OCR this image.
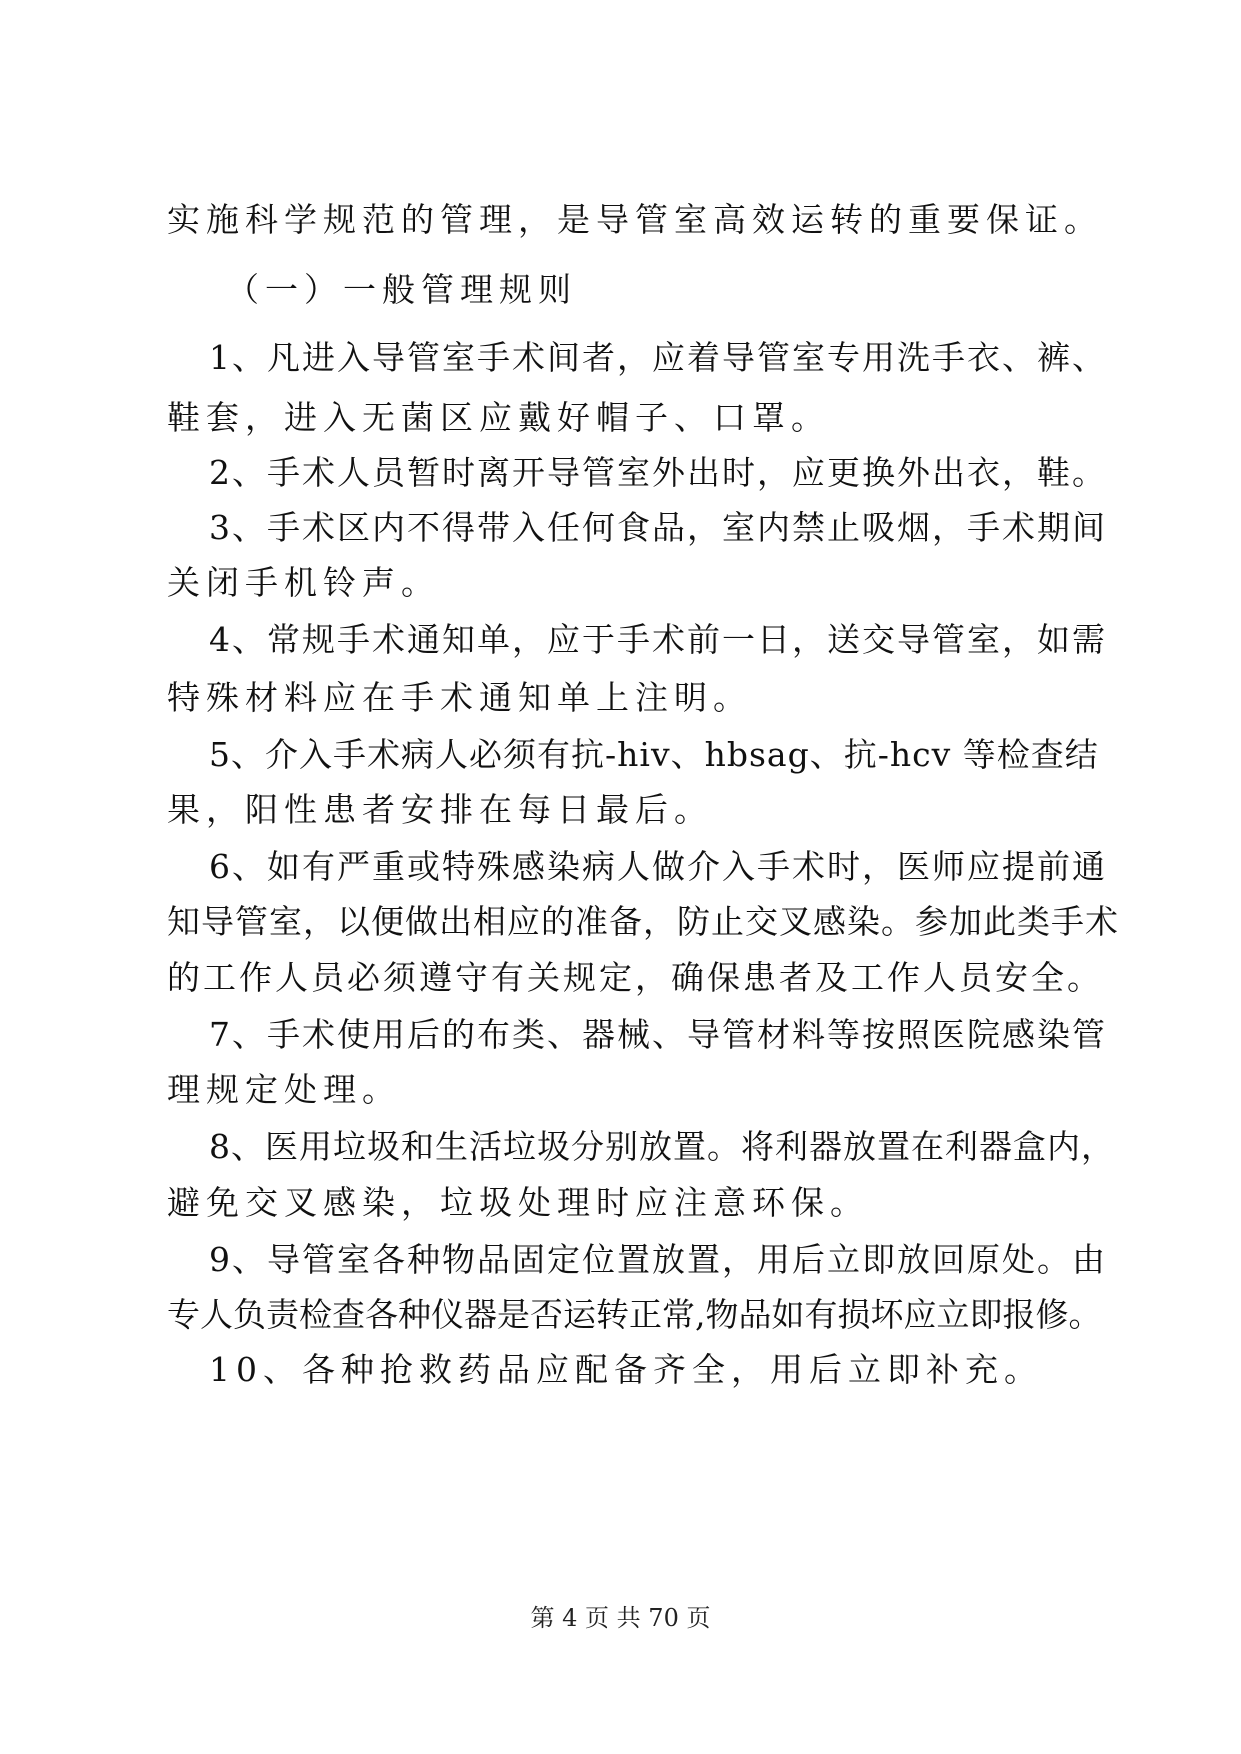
实施科学规范的管理，是导管室高效运转的重要保证。
（一）一般管理规则
1、凡进入导管室手术间者，应着导管室专用洗手衣、裤、
鞋套，进入无菌区应戴好帽子、口罩。
2、手术人员暂时离开导管室外出时，应更换外出衣，鞋。
3、手术区内不得带入任何食品，室内禁止吸烟，手术期间
关闭手机铃声。
4、常规手术通知单，应于手术前一日，送交导管室，如需
特殊材料应在手术通知单上注明。
5、介入手术病人必须有抗-hiv、hbsag、抗-hcv 等检查结
果，阳性患者安排在每日最后。
6、如有严重或特殊感染病人做介入手术时，医师应提前通
知导管室，以便做出相应的准备，防止交叉感染。参加此类手术
的工作人员必须遵守有关规定，确保患者及工作人员安全。
7、手术使用后的布类、器械、导管材料等按照医院感染管
理规定处理。
8、医用垃圾和生活垃圾分别放置。将利器放置在利器盒内，
避免交叉感染，垃圾处理时应注意环保。
9、导管室各种物品固定位置放置，用后立即放回原处。由
专人负责检查各种仪器是否运转正常,物品如有损坏应立即报修。
10、各种抢救药品应配备齐全，用后立即补充。
第 4 页 共 70 页
